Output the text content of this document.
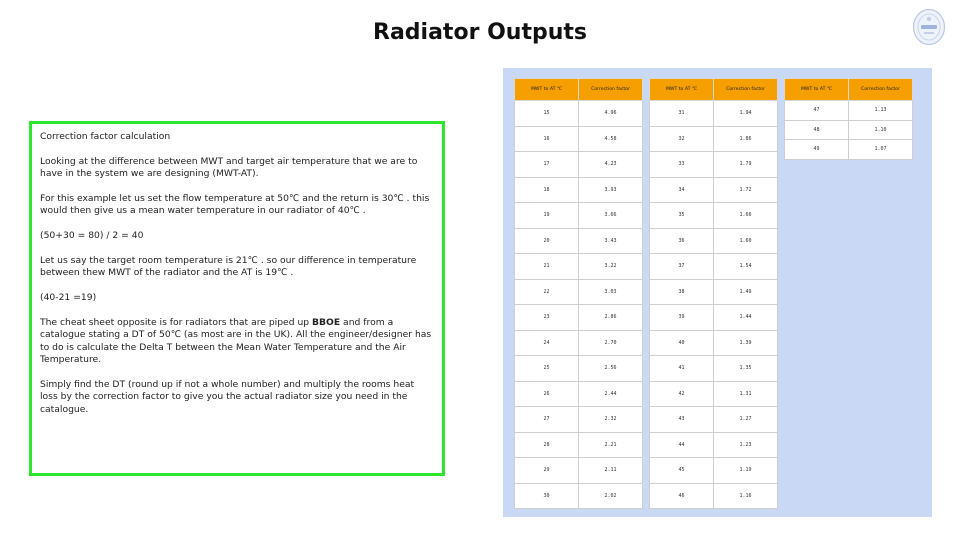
Radiator Outputs

Correction factor calculation

Looking at the difference between MWT and target air temperature that we are to have in the system we are designing (MWT-AT).

For this example let us set the flow temperature at 50℃ and the return is 30℃ . this would then give us a mean water temperature in our radiator of 40℃ .

(50+30 = 80) / 2 = 40

Let us say the target room temperature is 21℃ . so our difference in temperature between thew MWT of the radiator and the AT is 19℃ .

(40-21 =19)

The cheat sheet opposite is for radiators that are piped up BBOE and from a catalogue stating a DT of 50℃ (as most are in the UK). All the engineer/designer has to do is calculate the Delta T between the Mean Water Temperature and the Air Temperature.

Simply find the DT (round up if not a whole number) and multiply the rooms heat loss by the correction factor to give you the actual radiator size you need in the catalogue.

MWT to AT ℃	Correction factor
15	4.96
16	4.58
17	4.23
18	3.93
19	3.66
20	3.43
21	3.22
22	3.03
23	2.86
24	2.70
25	2.56
26	2.44
27	2.32
28	2.21
29	2.11
30	2.02
MWT to AT ℃	Correction factor
31	1.94
32	1.86
33	1.79
34	1.72
35	1.66
36	1.60
37	1.54
38	1.49
39	1.44
40	1.39
41	1.35
42	1.31
43	1.27
44	1.23
45	1.19
46	1.16
MWT to AT ℃	Correction factor
47	1.13
48	1.10
49	1.07
